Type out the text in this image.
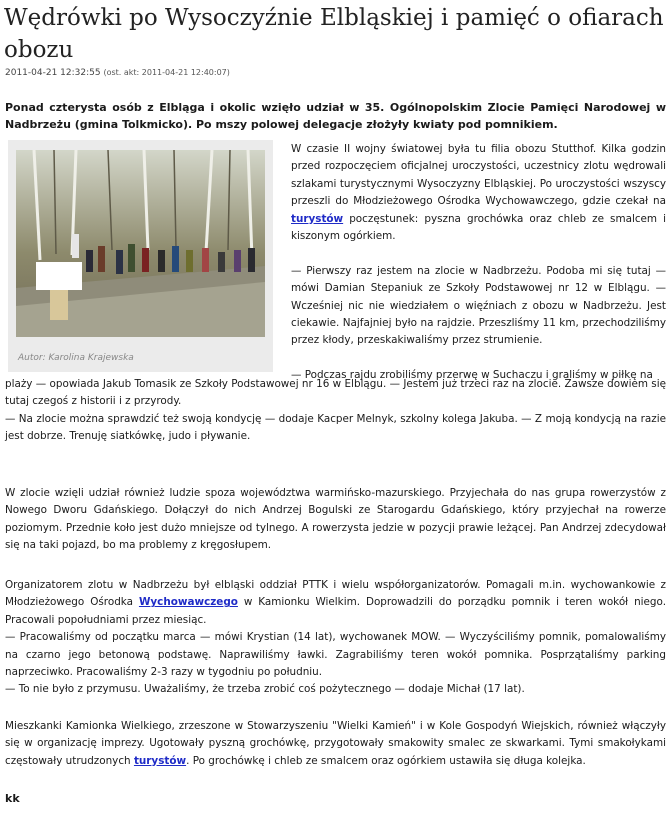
Wędrówki po Wysoczyźnie Elbląskiej i pamięć o ofiarach obozu
2011-04-21 12:32:55 (ost. akt: 2011-04-21 12:40:07)

Ponad czterysta osób z Elbląga i okolic wzięło udział w 35. Ogólnopolskim Zlocie Pamięci Narodowej w Nadbrzeżu (gmina Tolkmicko). Po mszy polowej delegacje złożyły kwiaty pod pomnikiem.

Autor: Karolina Krajewska
W czasie II wojny światowej była tu filia obozu Stutthof. Kilka godzin przed rozpoczęciem oficjalnej uroczystości, uczestnicy zlotu wędrowali szlakami turystycznymi Wysoczyzny Elbląskiej. Po uroczystości wszyscy przeszli do Młodzieżowego Ośrodka Wychowawczego, gdzie czekał na turystów poczęstunek: pyszna grochówka oraz chleb ze smalcem i kiszonym ogórkiem.
— Pierwszy raz jestem na zlocie w Nadbrzeżu. Podoba mi się tutaj — mówi Damian Stepaniuk ze Szkoły Podstawowej nr 12 w Elblągu. — Wcześniej nic nie wiedziałem o więźniach z obozu w Nadbrzeżu. Jest ciekawie. Najfajniej było na rajdzie. Przeszliśmy 11 km, przechodziliśmy przez kłody, przeskakiwaliśmy przez strumienie.
— Podczas rajdu zrobiliśmy przerwę w Suchaczu i graliśmy w piłkę na
plaży — opowiada Jakub Tomasik ze Szkoły Podstawowej nr 16 w Elblągu. — Jestem już trzeci raz na zlocie. Zawsze dowiem się tutaj czegoś z historii i z przyrody.
— Na zlocie można sprawdzić też swoją kondycję — dodaje Kacper Melnyk, szkolny kolega Jakuba. — Z moją kondycją na razie jest dobrze. Trenuję siatkówkę, judo i pływanie.

W zlocie wzięli udział również ludzie spoza województwa warmińsko-mazurskiego. Przyjechała do nas grupa rowerzystów z Nowego Dworu Gdańskiego. Dołączył do nich Andrzej Bogulski ze Starogardu Gdańskiego, który przyjechał na rowerze poziomym. Przednie koło jest dużo mniejsze od tylnego. A rowerzysta jedzie w pozycji prawie leżącej. Pan Andrzej zdecydował się na taki pojazd, bo ma problemy z kręgosłupem.

Organizatorem zlotu w Nadbrzeżu był elbląski oddział PTTK i wielu współorganizatorów. Pomagali m.in. wychowankowie z Młodzieżowego Ośrodka Wychowawczego w Kamionku Wielkim. Doprowadzili do porządku pomnik i teren wokół niego. Pracowali popołudniami przez miesiąc.
— Pracowaliśmy od początku marca — mówi Krystian (14 lat), wychowanek MOW. — Wyczyściliśmy pomnik, pomalowaliśmy na czarno jego betonową podstawę. Naprawiliśmy ławki. Zagrabiliśmy teren wokół pomnika. Posprzątaliśmy parking naprzeciwko. Pracowaliśmy 2-3 razy w tygodniu po południu.
— To nie było z przymusu. Uważaliśmy, że trzeba zrobić coś pożytecznego — dodaje Michał (17 lat).
Mieszkanki Kamionka Wielkiego, zrzeszone w Stowarzyszeniu "Wielki Kamień" i w Kole Gospodyń Wiejskich, również włączyły się w organizację imprezy. Ugotowały pyszną grochówkę, przygotowały smakowity smalec ze skwarkami. Tymi smakołykami częstowały utrudzonych turystów. Po grochówkę i chleb ze smalcem oraz ogórkiem ustawiła się długa kolejka.

kk
